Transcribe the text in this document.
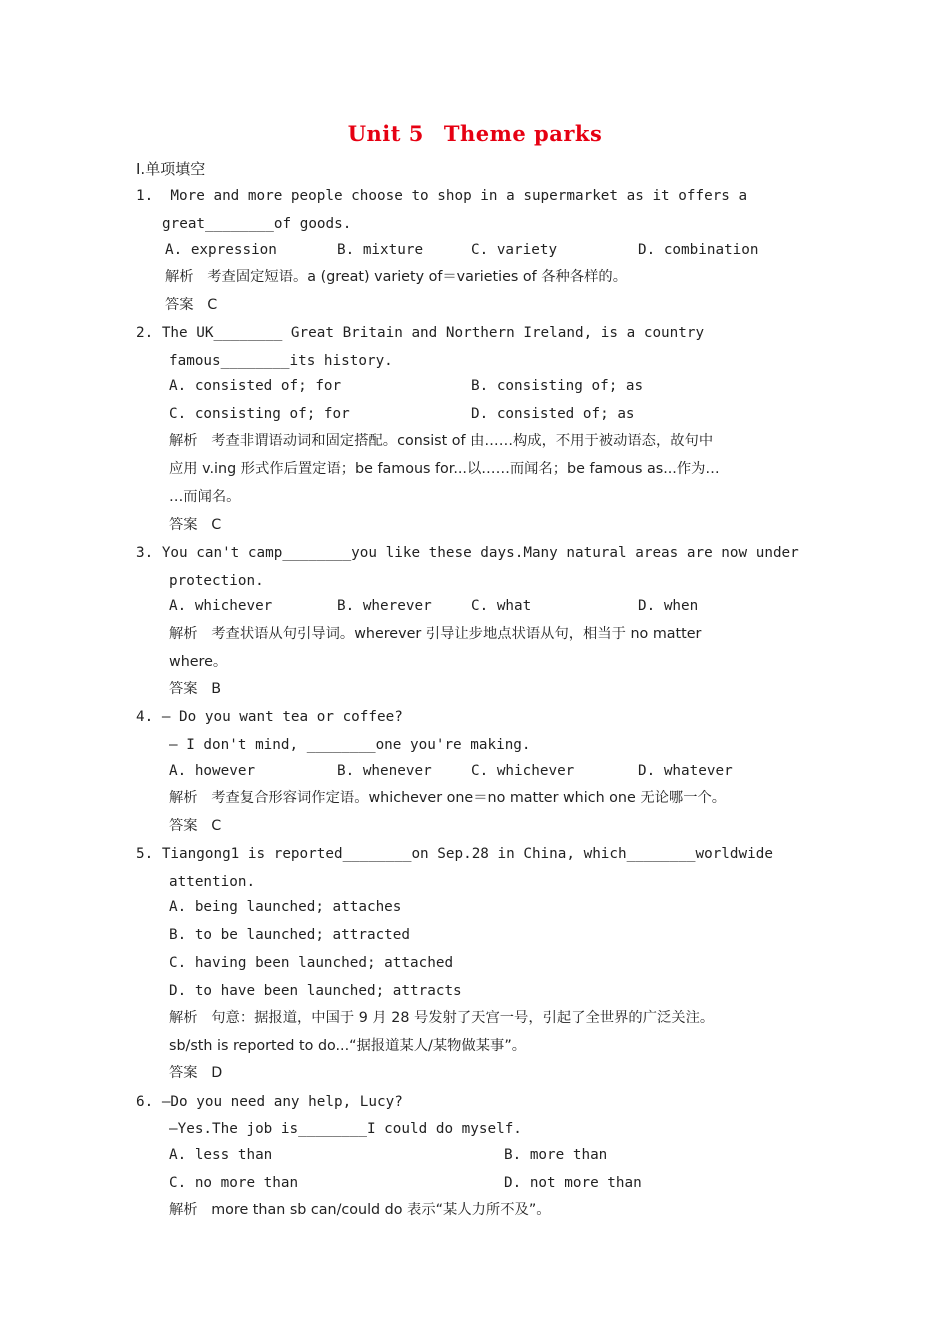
Unit 5 Theme parks
I.单项填空
1.  More and more people choose to shop in a supermarket as it offers a
great________of goods.
A. expression	B. mixture	C. variety	D. combination
解析   考查固定短语。a (great) variety of＝varieties of 各种各样的。
答案   C
2. The UK________ Great Britain and Northern Ireland, is a country
famous________its history.
A. consisted of; for	B. consisting of; as
C. consisting of; for	D. consisted of; as
解析   考查非谓语动词和固定搭配。consist of 由……构成，不用于被动语态，故句中
应用 v.ing 形式作后置定语；be famous for...以……而闻名；be famous as...作为…
…而闻名。
答案   C
3. You can't camp________you like these days.Many natural areas are now under
protection.
A. whichever	B. wherever	C. what	D. when
解析   考查状语从句引导词。wherever 引导让步地点状语从句，相当于 no matter
where。
答案   B
4. — Do you want tea or coffee?
— I don't mind, ________one you're making.
A. however	B. whenever	C. whichever	D. whatever
解析   考查复合形容词作定语。whichever one＝no matter which one 无论哪一个。
答案   C
5. Tiangong1 is reported________on Sep.28 in China, which________worldwide
attention.
A. being launched; attaches
B. to be launched; attracted
C. having been launched; attached
D. to have been launched; attracts
解析   句意：据报道，中国于 9 月 28 号发射了天宫一号，引起了全世界的广泛关注。
sb/sth is reported to do...“据报道某人/某物做某事”。
答案   D
6. —Do you need any help, Lucy?
—Yes.The job is________I could do myself.
A. less than	B. more than
C. no more than	D. not more than
解析   more than sb can/could do 表示“某人力所不及”。
